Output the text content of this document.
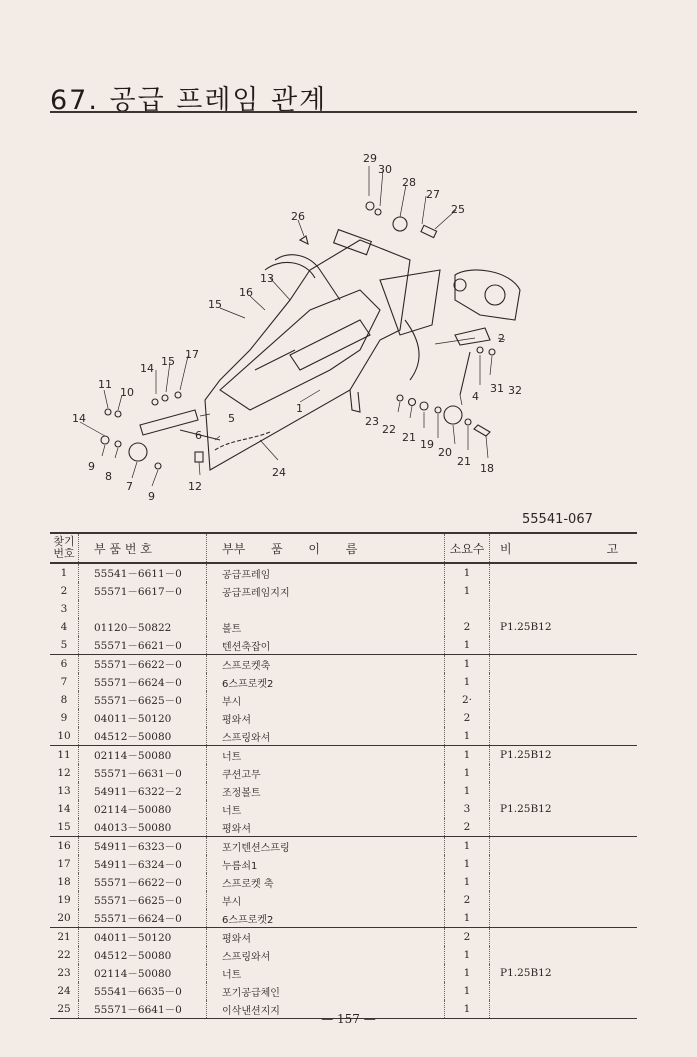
67. 공급 프레임 관계
29
30
28
27
25
26
13
16
15
2
14
15
17
11
10	31 32
4
14	5	23
22
21
19
6
20
21
18
9
8	24
7
9
12
1
55541-067
찾기
번호	부 품 번 호	부부 품 이 름	소요수	비 고
1	55541－6611－0	공급프레임	1	
2	55571－6617－0	공급프레임지지	1	
3				
4	01120－50822	볼트	2	P1.25B12
5	55571－6621－0	텐션축잡이	1	
6	55571－6622－0	스프로켓축	1	
7	55571－6624－0	6스프로켓2	1	
8	55571－6625－0	부시	2·	
9	04011－50120	평와셔	2	
10	04512－50080	스프링와셔	1	
11	02114－50080	너트	1	P1.25B12
12	55571－6631－0	쿠션고무	1	
13	54911－6322－2	조정볼트	1	
14	02114－50080	너트	3	P1.25B12
15	04013－50080	평와셔	2	
16	54911－6323－0	포기텐션스프링	1	
17	54911－6324－0	누름쇠1	1	
18	55571－6622－0	스프로켓 축	1	
19	55571－6625－0	부시	2	
20	55571－6624－0	6스프로켓2	1	
21	04011－50120	평와셔	2	
22	04512－50080	스프링와셔	1	
23	02114－50080	너트	1	P1.25B12
24	55541－6635－0	포기공급체인	1	
25	55571－6641－0	이삭낸션지지	1	
— 157 —
